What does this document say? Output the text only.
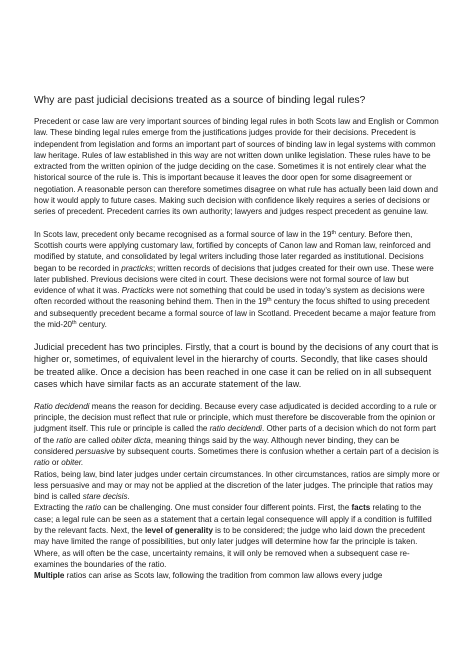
Why are past judicial decisions treated as a source of binding legal rules?

Precedent or case law are very important sources of binding legal rules in both Scots law and English or Common law. These binding legal rules emerge from the justifications judges provide for their decisions. Precedent is independent from legislation and forms an important part of sources of binding law in legal systems with common law heritage. Rules of law established in this way are not written down unlike legislation. These rules have to be extracted from the written opinion of the judge deciding on the case. Sometimes it is not entirely clear what the historical source of the rule is. This is important because it leaves the door open for some disagreement or negotiation. A reasonable person can therefore sometimes disagree on what rule has actually been laid down and how it would apply to future cases. Making such decision with confidence likely requires a series of decisions or series of precedent. Precedent carries its own authority; lawyers and judges respect precedent as genuine law.

In Scots law, precedent only became recognised as a formal source of law in the 19th century. Before then, Scottish courts were applying customary law, fortified by concepts of Canon law and Roman law, reinforced and modified by statute, and consolidated by legal writers including those later regarded as institutional. Decisions began to be recorded in practicks; written records of decisions that judges created for their own use. These were later published. Previous decisions were cited in court. These decisions were not formal source of law but evidence of what it was. Practicks were not something that could be used in today’s system as decisions were often recorded without the reasoning behind them. Then in the 19th century the focus shifted to using precedent and subsequently precedent became a formal source of law in Scotland. Precedent became a major feature from the mid-20th century.

Judicial precedent has two principles. Firstly, that a court is bound by the decisions of any court that is higher or, sometimes, of equivalent level in the hierarchy of courts. Secondly, that like cases should be treated alike. Once a decision has been reached in one case it can be relied on in all subsequent cases which have similar facts as an accurate statement of the law.

Ratio decidendi means the reason for deciding. Because every case adjudicated is decided according to a rule or principle, the decision must reflect that rule or principle, which must therefore be discoverable from the opinion or judgment itself. This rule or principle is called the ratio decidendi. Other parts of a decision which do not form part of the ratio are called obiter dicta, meaning things said by the way. Although never binding, they can be considered persuasive by subsequent courts. Sometimes there is confusion whether a certain part of a decision is ratio or obiter.
Ratios, being law, bind later judges under certain circumstances. In other circumstances, ratios are simply more or less persuasive and may or may not be applied at the discretion of the later judges. The principle that ratios may bind is called stare decisis.

Extracting the ratio can be challenging. One must consider four different points. First, the facts relating to the case; a legal rule can be seen as a statement that a certain legal consequence will apply if a condition is fulfilled by the relevant facts. Next, the level of generality is to be considered; the judge who laid down the precedent may have limited the range of possibilities, but only later judges will determine how far the principle is taken. Where, as will often be the case, uncertainty remains, it will only be removed when a subsequent case re-examines the boundaries of the ratio.
Multiple ratios can arise as Scots law, following the tradition from common law allows every judge
